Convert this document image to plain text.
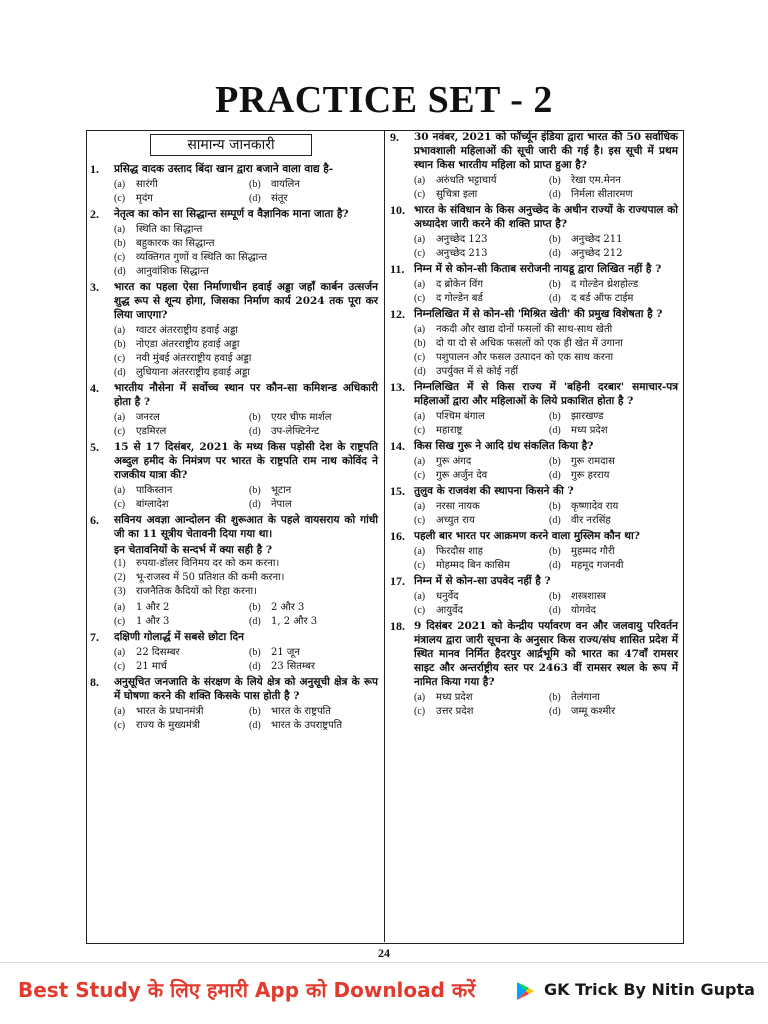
PRACTICE SET - 2
सामान्य जानकारी
1. प्रसिद्ध वादक उस्ताद बिंदा खान द्वारा बजाने वाला वाद्य है-
(a)	सारंगी	(b)	वायलिन
(c)	मृदंग	(d)	संतूर
2. नेतृत्व का कोन सा सिद्धान्त सम्पूर्ण व वैज्ञानिक माना जाता है?
(a)	स्थिति का सिद्धान्त
(b)	बहुकारक का सिद्धान्त
(c)	व्यक्तिगत गुणों व स्थिति का सिद्धान्त
(d)	आनुवांशिक सिद्धान्त
3. भारत का पहला ऐसा निर्माणाधीन हवाई अड्डा जहाँ कार्बन उत्सर्जन शुद्ध रूप से शून्य होगा, जिसका निर्माण कार्य 2024 तक पूरा कर लिया जाएगा?
(a)	ग्वाटर अंतरराष्ट्रीय हवाई अड्डा
(b)	नोएडा अंतरराष्ट्रीय हवाई अड्डा
(c)	नवी मुंबई अंतरराष्ट्रीय हवाई अड्डा
(d)	लुधियाना अंतरराष्ट्रीय हवाई अड्डा
4. भारतीय नौसेना में सर्वोच्च स्थान पर कौन-सा कमिशन्ड अधिकारी होता है ?
(a)	जनरल	(b)	एयर चीफ मार्शल
(c)	एडमिरल	(d)	उप-लेफ्टिनेन्ट
5. 15 से 17 दिसंबर, 2021 के मध्य किस पड़ोसी देश के राष्ट्रपति अब्दुल हमीद के निमंत्रण पर भारत के राष्ट्रपति राम नाथ कोविंद ने राजकीय यात्रा की?
(a)	पाकिस्तान	(b)	भूटान
(c)	बांग्लादेश	(d)	नेपाल
6. सविनय अवज्ञा आन्दोलन की शुरूआत के पहले वायसराय को गांधी जी का 11 सूत्रीय चेतावनी दिया गया था।
इन चेतावनियों के सन्दर्भ में क्या सही है ?
(1)	रुपया-डॉलर विनिमय दर को कम करना।
(2)	भू-राजस्व में 50 प्रतिशत की कमी करना।
(3)	राजनैतिक कैदियों को रिहा करना।
(a)	1 और 2	(b)	2 और 3
(c)	1 और 3	(d)	1, 2 और 3
7. दक्षिणी गोलार्द्ध में सबसे छोटा दिन
(a)	22 दिसम्बर	(b)	21 जून
(c)	21 मार्च	(d)	23 सितम्बर
8. अनुसूचित जनजाति के संरक्षण के लिये क्षेत्र को अनुसूची क्षेत्र के रूप में घोषणा करने की शक्ति किसके पास होती है ?
(a)	भारत के प्रधानमंत्री	(b)	भारत के राष्ट्रपति
(c)	राज्य के मुख्यमंत्री	(d)	भारत के उपराष्ट्रपति
9. 30 नवंबर, 2021 को फॉर्च्यून इंडिया द्वारा भारत की 50 सर्वाधिक प्रभावशाली महिलाओं की सूची जारी की गई है। इस सूची में प्रथम स्थान किस भारतीय महिला को प्राप्त हुआ है?
(a)	अरुंधति भट्टाचार्य	(b)	रेखा एम.मेनन
(c)	सुचित्रा इला	(d)	निर्मला सीतारमण
10. भारत के संविधान के किस अनुच्छेद के अधीन राज्यों के राज्यपाल को अध्यादेश जारी करने की शक्ति प्राप्त है?
(a)	अनुच्छेद 123	(b)	अनुच्छेद 211
(c)	अनुच्छेद 213	(d)	अनुच्छेद 212
11. निम्न में से कोन-सी किताब सरोजनी नायडू द्वारा लिखित नहीं है ?
(a)	द ब्रोकेन विंग	(b)	द गोल्डेन थ्रेशहोल्ड
(c)	द गोल्डेन बर्ड	(d)	द बर्ड ऑफ टाईम
12. निम्नलिखित में से कोन-सी 'मिश्रित खेती' की प्रमुख विशेषता है ?
(a)	नकदी और खाद्य दोनों फसलों की साथ-साथ खेती
(b)	दो या दो से अधिक फसलों को एक ही खेत में उगाना
(c)	पशुपालन और फसल उत्पादन को एक साथ करना
(d)	उपर्युक्त में से कोई नहीं
13. निम्नलिखित में से किस राज्य में 'बहिनी दरबार' समाचार-पत्र महिलाओं द्वारा और महिलाओं के लिये प्रकाशित होता है ?
(a)	पश्चिम बंगाल	(b)	झारखण्ड
(c)	महाराष्ट्र	(d)	मध्य प्रदेश
14. किस सिख गुरू ने आदि ग्रंथ संकलित किया है?
(a)	गुरू अंगद	(b)	गुरू रामदास
(c)	गुरू अर्जुन देव	(d)	गुरू हरराय
15. तुलुव के राजवंश की स्थापना किसने की ?
(a)	नरसा नायक	(b)	कृष्णादेव राय
(c)	अच्युत राय	(d)	वीर नरसिंह
16. पहली बार भारत पर आक्रमण करने वाला मुस्लिम कौन था?
(a)	फिरदौस शाह	(b)	मुहम्मद गौरी
(c)	मोहम्मद बिन कासिम	(d)	महमूद गजनवी
17. निम्न में से कोन-सा उपवेद नहीं है ?
(a)	धनुर्वेद	(b)	शस्त्रशास्त्र
(c)	आयुर्वेद	(d)	योगवेद
18. 9 दिसंबर 2021 को केन्द्रीय पर्यावरण वन और जलवायु परिवर्तन मंत्रालय द्वारा जारी सूचना के अनुसार किस राज्य/संघ शासित प्रदेश में स्थित मानव निर्मित हैदरपुर आर्द्रभूमि को भारत का 47वाँ रामसर साइट और अन्तर्राष्ट्रीय स्तर पर 2463 वीं रामसर स्थल के रूप में नामित किया गया है?
(a)	मध्य प्रदेश	(b)	तेलंगाना
(c)	उत्तर प्रदेश	(d)	जम्मू कश्मीर
24
Best Study के लिए हमारी App को Download करें	GK Trick By Nitin Gupta
